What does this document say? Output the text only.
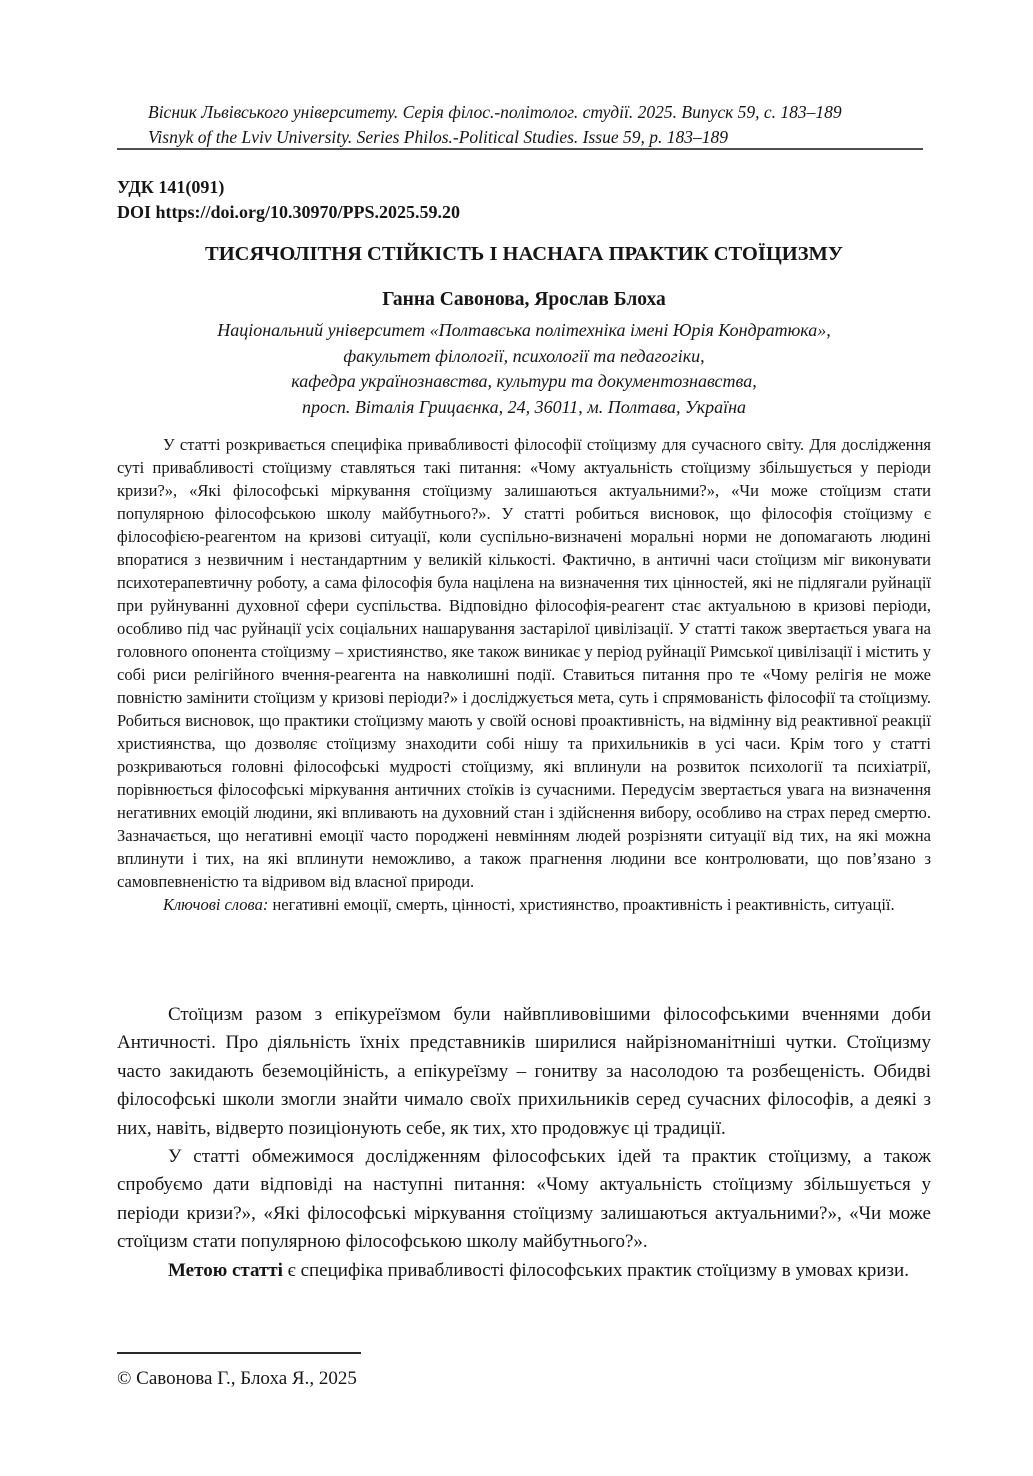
Вісник Львівського університету. Серія філос.-політолог. студії. 2025. Випуск 59, с. 183–189
Visnyk of the Lviv University. Series Philos.-Political Studies. Issue 59, p. 183–189
УДК 141(091)
DOI https://doi.org/10.30970/PPS.2025.59.20
ТИСЯЧОЛІТНЯ СТІЙКІСТЬ І НАСНАГА ПРАКТИК СТОЇЦИЗМУ
Ганна Савонова, Ярослав Блоха
Національний університет «Полтавська політехніка імені Юрія Кондратюка»,
факультет філології, психології та педагогіки,
кафедра українознавства, культури та документознавства,
просп. Віталія Грицаєнка, 24, 36011, м. Полтава, Україна

У статті розкривається специфіка привабливості філософії стоїцизму для сучасного світу. Для дослідження суті привабливості стоїцизму ставляться такі питання: «Чому актуальність стоїцизму збільшується у періоди кризи?», «Які філософські міркування стоїцизму залишаються актуальними?», «Чи може стоїцизм стати популярною філософською школу майбутнього?». У статті робиться висновок, що філософія стоїцизму є філософією-реагентом на кризові ситуації, коли суспільно-визначені моральні норми не допомагають людині впоратися з незвичним і нестандартним у великій кількості. Фактично, в античні часи стоїцизм міг виконувати психотерапевтичну роботу, а сама філософія була націлена на визначення тих цінностей, які не підлягали руйнації при руйнуванні духовної сфери суспільства. Відповідно філософія-реагент стає актуальною в кризові періоди, особливо під час руйнації усіх соціальних нашарування застарілої цивілізації. У статті також звертається увага на головного опонента стоїцизму – християнство, яке також виникає у період руйнації Римської цивілізації і містить у собі риси релігійного вчення-реагента на навколишні події. Ставиться питання про те «Чому релігія не може повністю замінити стоїцизм у кризові періоди?» і досліджується мета, суть і спрямованість філософії та стоїцизму. Робиться висновок, що практики стоїцизму мають у своїй основі проактивність, на відмінну від реактивної реакції християнства, що дозволяє стоїцизму знаходити собі нішу та прихильників в усі часи. Крім того у статті розкриваються головні філософські мудрості стоїцизму, які вплинули на розвиток психології та психіатрії, порівнюється філософські міркування античних стоїків із сучасними. Передусім звертається увага на визначення негативних емоцій людини, які впливають на духовний стан і здійснення вибору, особливо на страх перед смертю. Зазначається, що негативні емоції часто породжені невмінням людей розрізняти ситуації від тих, на які можна вплинути і тих, на які вплинути неможливо, а також прагнення людини все контролювати, що пов’язано з самовпевненістю та відривом від власної природи.

Ключові слова: негативні емоції, смерть, цінності, християнство, проактивність і реактивність, ситуації.

Стоїцизм разом з епікуреїзмом були найвпливовішими філософськими вченнями доби Античності. Про діяльність їхніх представників ширилися найрізноманітніші чутки. Стоїцизму часто закидають беземоційність, а епікуреїзму – гонитву за насолодою та розбещеність. Обидві філософські школи змогли знайти чимало своїх прихильників серед сучасних філософів, а деякі з них, навіть, відверто позиціонують себе, як тих, хто продовжує ці традиції.

У статті обмежимося дослідженням філософських ідей та практик стоїцизму, а також спробуємо дати відповіді на наступні питання: «Чому актуальність стоїцизму збільшується у періоди кризи?», «Які філософські міркування стоїцизму залишаються актуальними?», «Чи може стоїцизм стати популярною філософською школу майбутнього?».

Метою статті є специфіка привабливості філософських практик стоїцизму в умовах кризи.

© Савонова Г., Блоха Я., 2025
